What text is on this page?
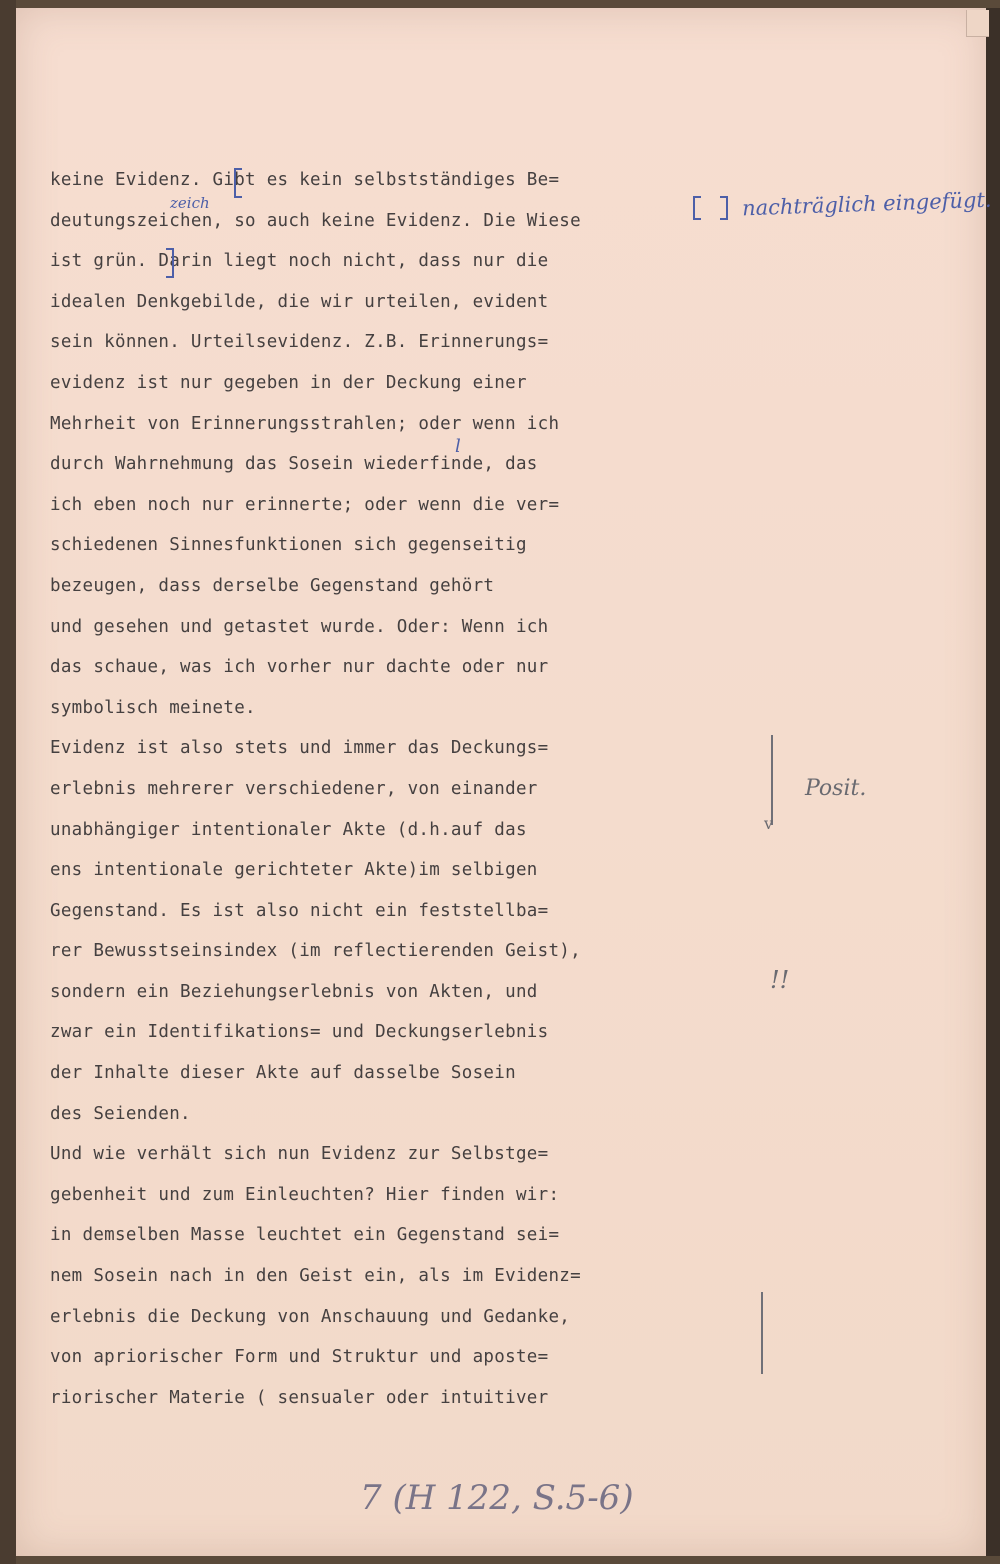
keine Evidenz. Gibt es kein selbstständiges Be=
deutungszeichen, so auch keine Evidenz. Die Wiese
ist grün. Darin liegt noch nicht, dass nur die
idealen Denkgebilde, die wir urteilen, evident
sein können. Urteilsevidenz. Z.B. Erinnerungs=
evidenz ist nur gegeben in der Deckung einer
Mehrheit von Erinnerungsstrahlen; oder wenn ich
durch Wahrnehmung das Sosein wiederfinde, das
ich eben noch nur erinnerte; oder wenn die ver=
schiedenen Sinnesfunktionen sich gegenseitig
bezeugen, dass derselbe Gegenstand gehört
und gesehen und getastet wurde. Oder: Wenn ich
das schaue, was ich vorher nur dachte oder nur
symbolisch meinete.
Evidenz ist also stets und immer das Deckungs=
erlebnis mehrerer verschiedener, von einander
unabhängiger intentionaler Akte (d.h.auf das
ens intentionale gerichteter Akte)im selbigen
Gegenstand. Es ist also nicht ein feststellba=
rer Bewusstseinsindex (im reflectierenden Geist),
sondern ein Beziehungserlebnis von Akten, und
zwar ein Identifikations= und Deckungserlebnis
der Inhalte dieser Akte auf dasselbe Sosein
des Seienden.
Und wie verhält sich nun Evidenz zur Selbstge=
gebenheit und zum Einleuchten? Hier finden wir:
in demselben Masse leuchtet ein Gegenstand sei=
nem Sosein nach in den Geist ein, als im Evidenz=
erlebnis die Deckung von Anschauung und Gedanke,
von apriorischer Form und Struktur und aposte=
riorischer Materie ( sensualer oder intuitiver
zeich
l
nachträglich eingefügt.
v
Posit.
!!
7 (H 122, S.5-6)
